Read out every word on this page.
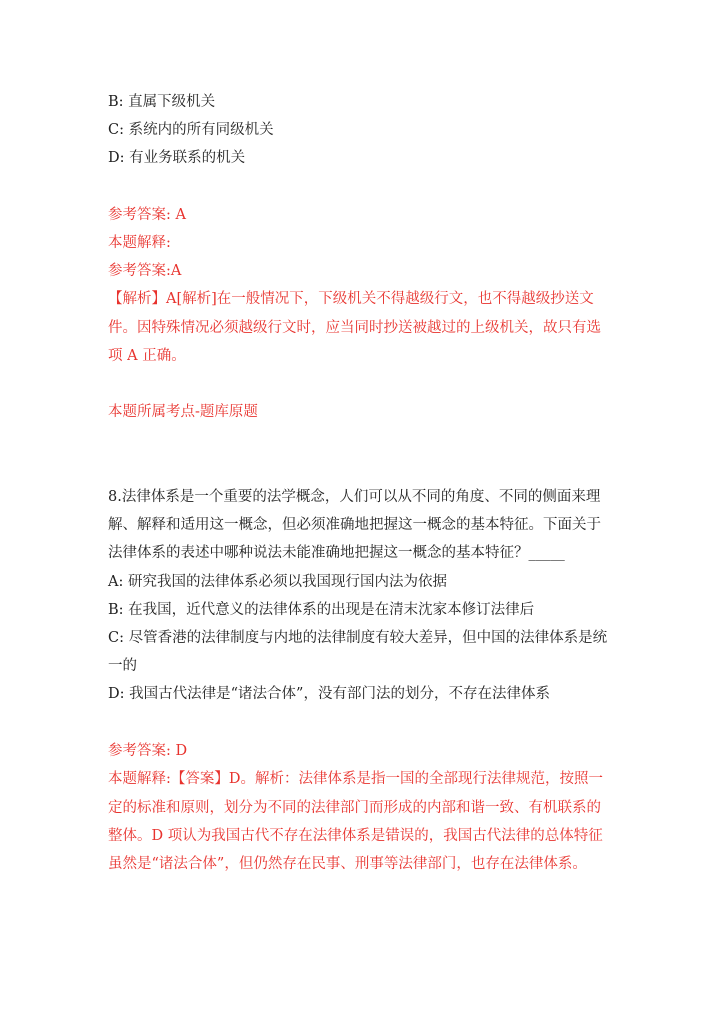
B: 直属下级机关
C: 系统内的所有同级机关
D: 有业务联系的机关
参考答案: A
本题解释:
参考答案:A
【解析】A[解析]在一般情况下，下级机关不得越级行文，也不得越级抄送文
件。因特殊情况必须越级行文时，应当同时抄送被越过的上级机关，故只有选
项 A 正确。
本题所属考点-题库原题
8.法律体系是一个重要的法学概念，人们可以从不同的角度、不同的侧面来理
解、解释和适用这一概念，但必须准确地把握这一概念的基本特征。下面关于
法律体系的表述中哪种说法未能准确地把握这一概念的基本特征？_____
A: 研究我国的法律体系必须以我国现行国内法为依据
B: 在我国，近代意义的法律体系的出现是在清末沈家本修订法律后
C: 尽管香港的法律制度与内地的法律制度有较大差异，但中国的法律体系是统
一的
D: 我国古代法律是“诸法合体”，没有部门法的划分，不存在法律体系
参考答案: D
本题解释:【答案】D。解析：法律体系是指一国的全部现行法律规范，按照一
定的标准和原则，划分为不同的法律部门而形成的内部和谐一致、有机联系的
整体。D 项认为我国古代不存在法律体系是错误的，我国古代法律的总体特征
虽然是“诸法合体”，但仍然存在民事、刑事等法律部门，也存在法律体系。
